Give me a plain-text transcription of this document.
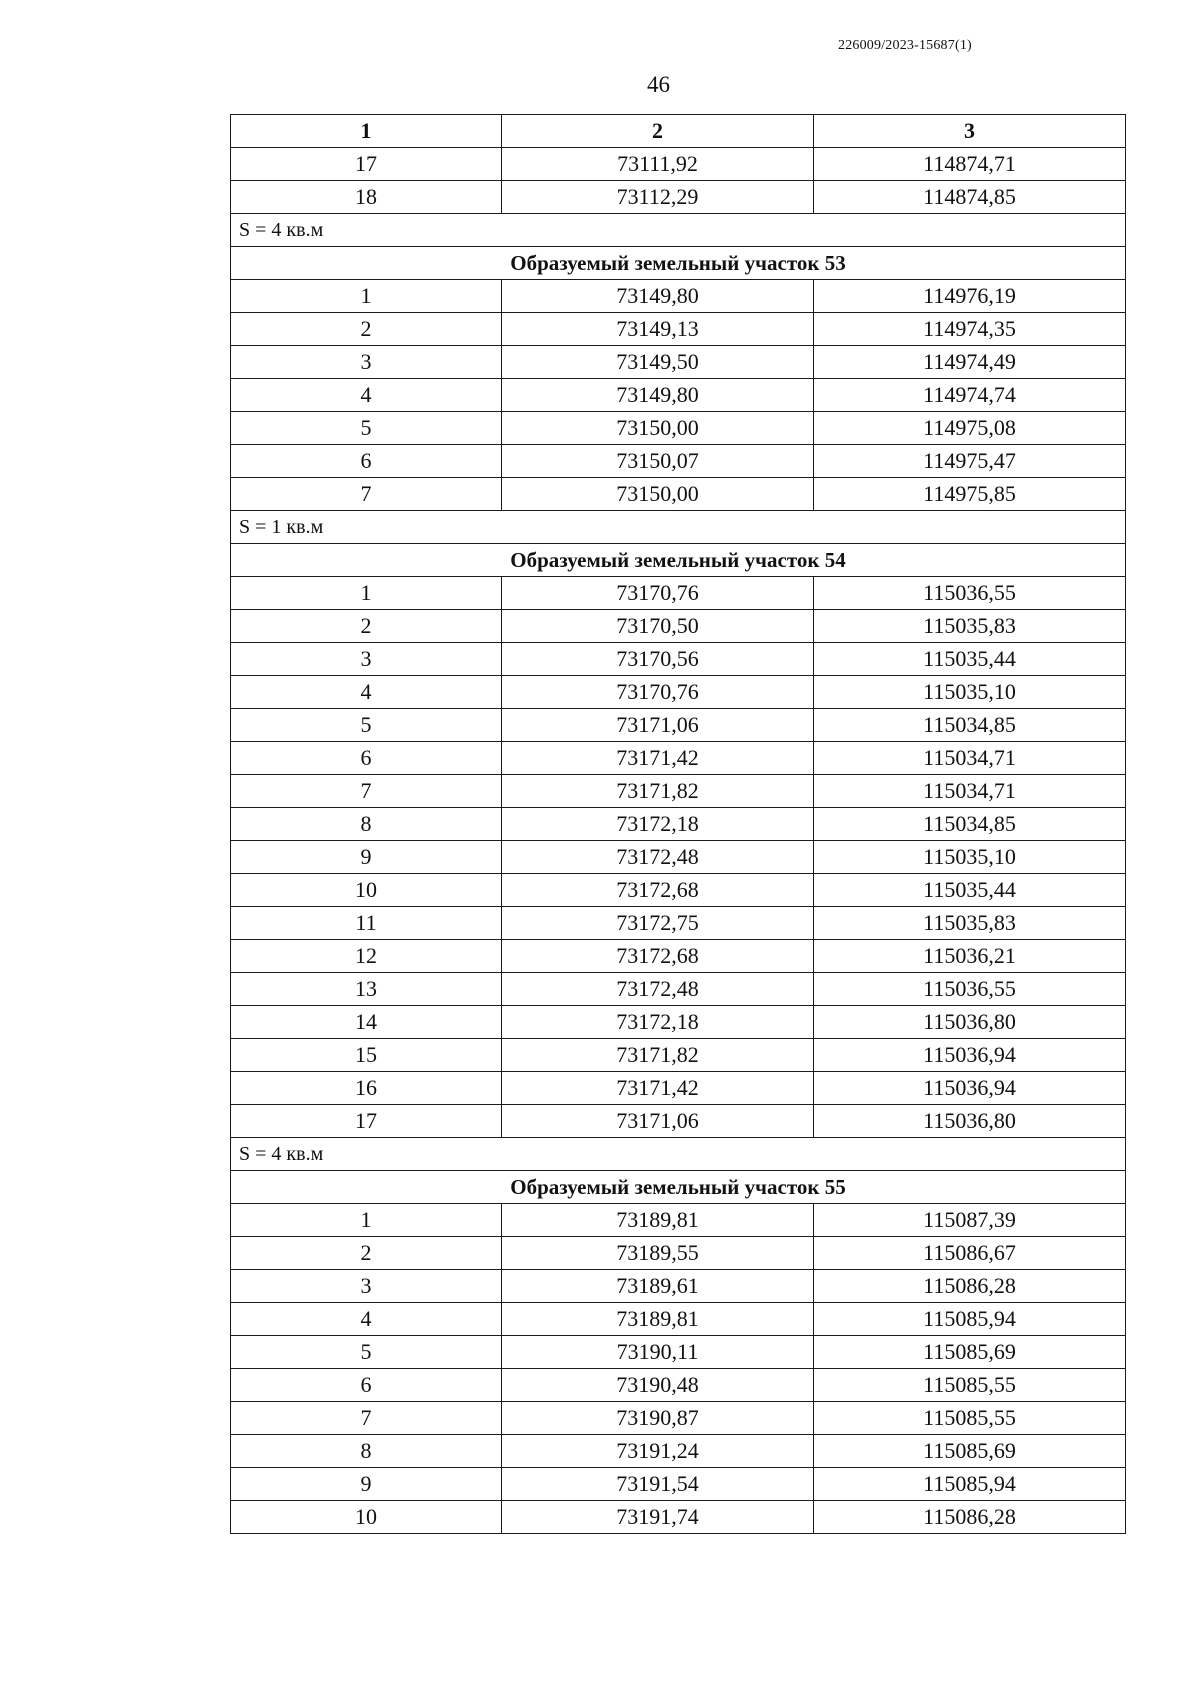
226009/2023-15687(1)
46
1	2	3
17	73111,92	114874,71
18	73112,29	114874,85
S = 4 кв.м		
Образуемый земельный участок 53		
1	73149,80	114976,19
2	73149,13	114974,35
3	73149,50	114974,49
4	73149,80	114974,74
5	73150,00	114975,08
6	73150,07	114975,47
7	73150,00	114975,85
S = 1 кв.м		
Образуемый земельный участок 54		
1	73170,76	115036,55
2	73170,50	115035,83
3	73170,56	115035,44
4	73170,76	115035,10
5	73171,06	115034,85
6	73171,42	115034,71
7	73171,82	115034,71
8	73172,18	115034,85
9	73172,48	115035,10
10	73172,68	115035,44
11	73172,75	115035,83
12	73172,68	115036,21
13	73172,48	115036,55
14	73172,18	115036,80
15	73171,82	115036,94
16	73171,42	115036,94
17	73171,06	115036,80
S = 4 кв.м		
Образуемый земельный участок 55		
1	73189,81	115087,39
2	73189,55	115086,67
3	73189,61	115086,28
4	73189,81	115085,94
5	73190,11	115085,69
6	73190,48	115085,55
7	73190,87	115085,55
8	73191,24	115085,69
9	73191,54	115085,94
10	73191,74	115086,28
